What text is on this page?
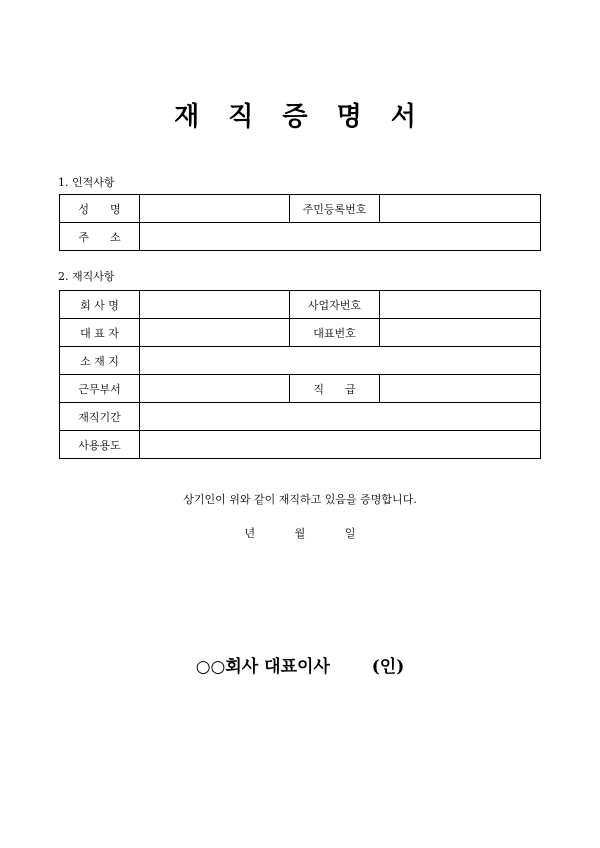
재 직 증 명 서
1. 인적사항
성      명		주민등록번호	
주      소			
2. 재직사항
회 사 명		사업자번호	
대 표 자		대표번호	
소 재 지			
근무부서		직      급	
재직기간			
사용용도			
상기인이 위와 같이 재직하고 있음을 증명합니다.
년	월	일
○○회사 대표이사 (인)
